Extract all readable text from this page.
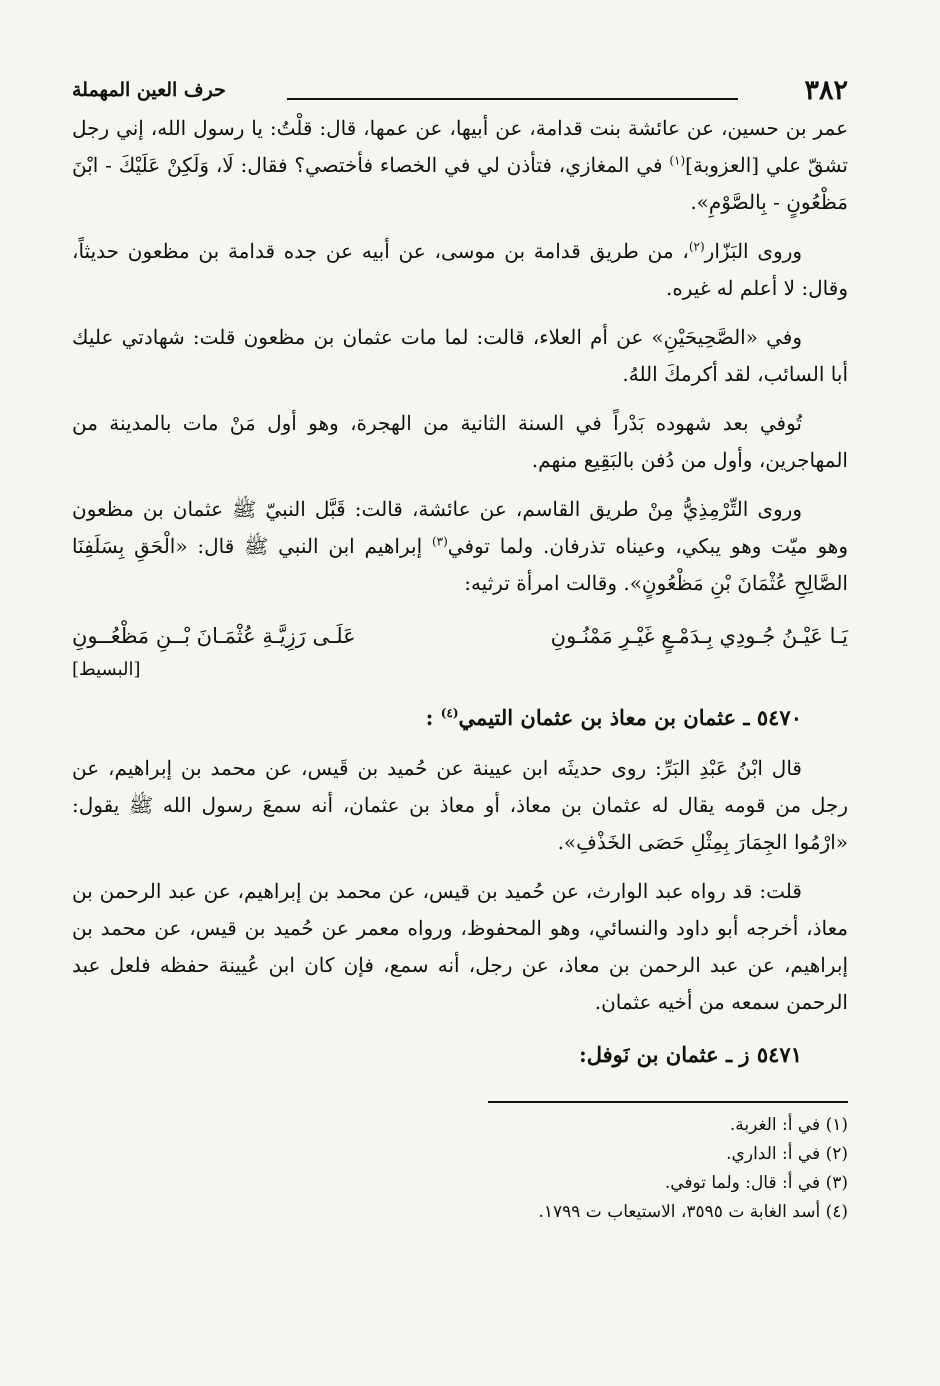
٣٨٢
حرف العين المهملة

عمر بن حسين، عن عائشة بنت قدامة، عن أبيها، عن عمها، قال: قلْتُ: يا رسول الله، إني رجل تشقّ علي [العزوبة]$^{(١)}$ في المغازي، فتأذن لي في الخصاء فأختصي؟ فقال: لَا، وَلَكِنْ عَلَيْكَ - ابْنَ مَظْعُونٍ - بِالصَّوْمِ».

وروى البَزّار$^{(٢)}$، من طريق قدامة بن موسى، عن أبيه عن جده قدامة بن مظعون حديثاً، وقال: لا أعلم له غيره.

وفي «الصَّحِيحَيْنِ» عن أم العلاء، قالت: لما مات عثمان بن مظعون قلت: شهادتي عليك أبا السائب، لقد أكرمكَ اللهُ.

تُوفي بعد شهوده بَدْراً في السنة الثانية من الهجرة، وهو أول مَنْ مات بالمدينة من المهاجرين، وأول من دُفن بالبَقِيع منهم.

وروى التِّرْمِذِيُّ مِنْ طريق القاسم، عن عائشة، قالت: قَبَّل النبيّ ﷺ عثمان بن مظعون وهو ميّت وهو يبكي، وعيناه تذرفان. ولما توفي$^{(٣)}$ إبراهيم ابن النبي ﷺ قال: «الْحَقِ بِسَلَفِنَا الصَّالِحِ عُثْمَانَ بْنِ مَظْعُونٍ». وقالت امرأة ترثيه:

يَـا عَيْـنُ جُـودِي بِـدَمْـعٍ غَيْـرِ مَمْنُـونِ
عَلَـى رَزِيَّـةِ عُثْمَـانَ بْــنِ مَظْعُــونِ
[البسيط]
٥٤٧٠ ـ عثمان بن معاذ بن عثمان التيمي$^{(٤)}$ :

قال ابْنُ عَبْدِ البَرِّ: روى حديثَه ابن عيينة عن حُميد بن قَيس، عن محمد بن إبراهيم، عن رجل من قومه يقال له عثمان بن معاذ، أو معاذ بن عثمان، أنه سمعَ رسول الله ﷺ يقول: «ارْمُوا الجِمَارَ بِمِثْلِ حَصَى الخَذْفِ».

قلت: قد رواه عبد الوارث، عن حُميد بن قيس، عن محمد بن إبراهيم، عن عبد الرحمن بن معاذ، أخرجه أبو داود والنسائي، وهو المحفوظ، ورواه معمر عن حُميد بن قيس، عن محمد بن إبراهيم، عن عبد الرحمن بن معاذ، عن رجل، أنه سمع، فإن كان ابن عُيينة حفظه فلعل عبد الرحمن سمعه من أخيه عثمان.

٥٤٧١ ز ـ عثمان بن نَوفل:

(١) في أ: الغربة.

(٢) في أ: الداري.

(٣) في أ: قال: ولما توفي.

(٤) أسد الغابة ت ٣٥٩٥، الاستيعاب ت ١٧٩٩.
